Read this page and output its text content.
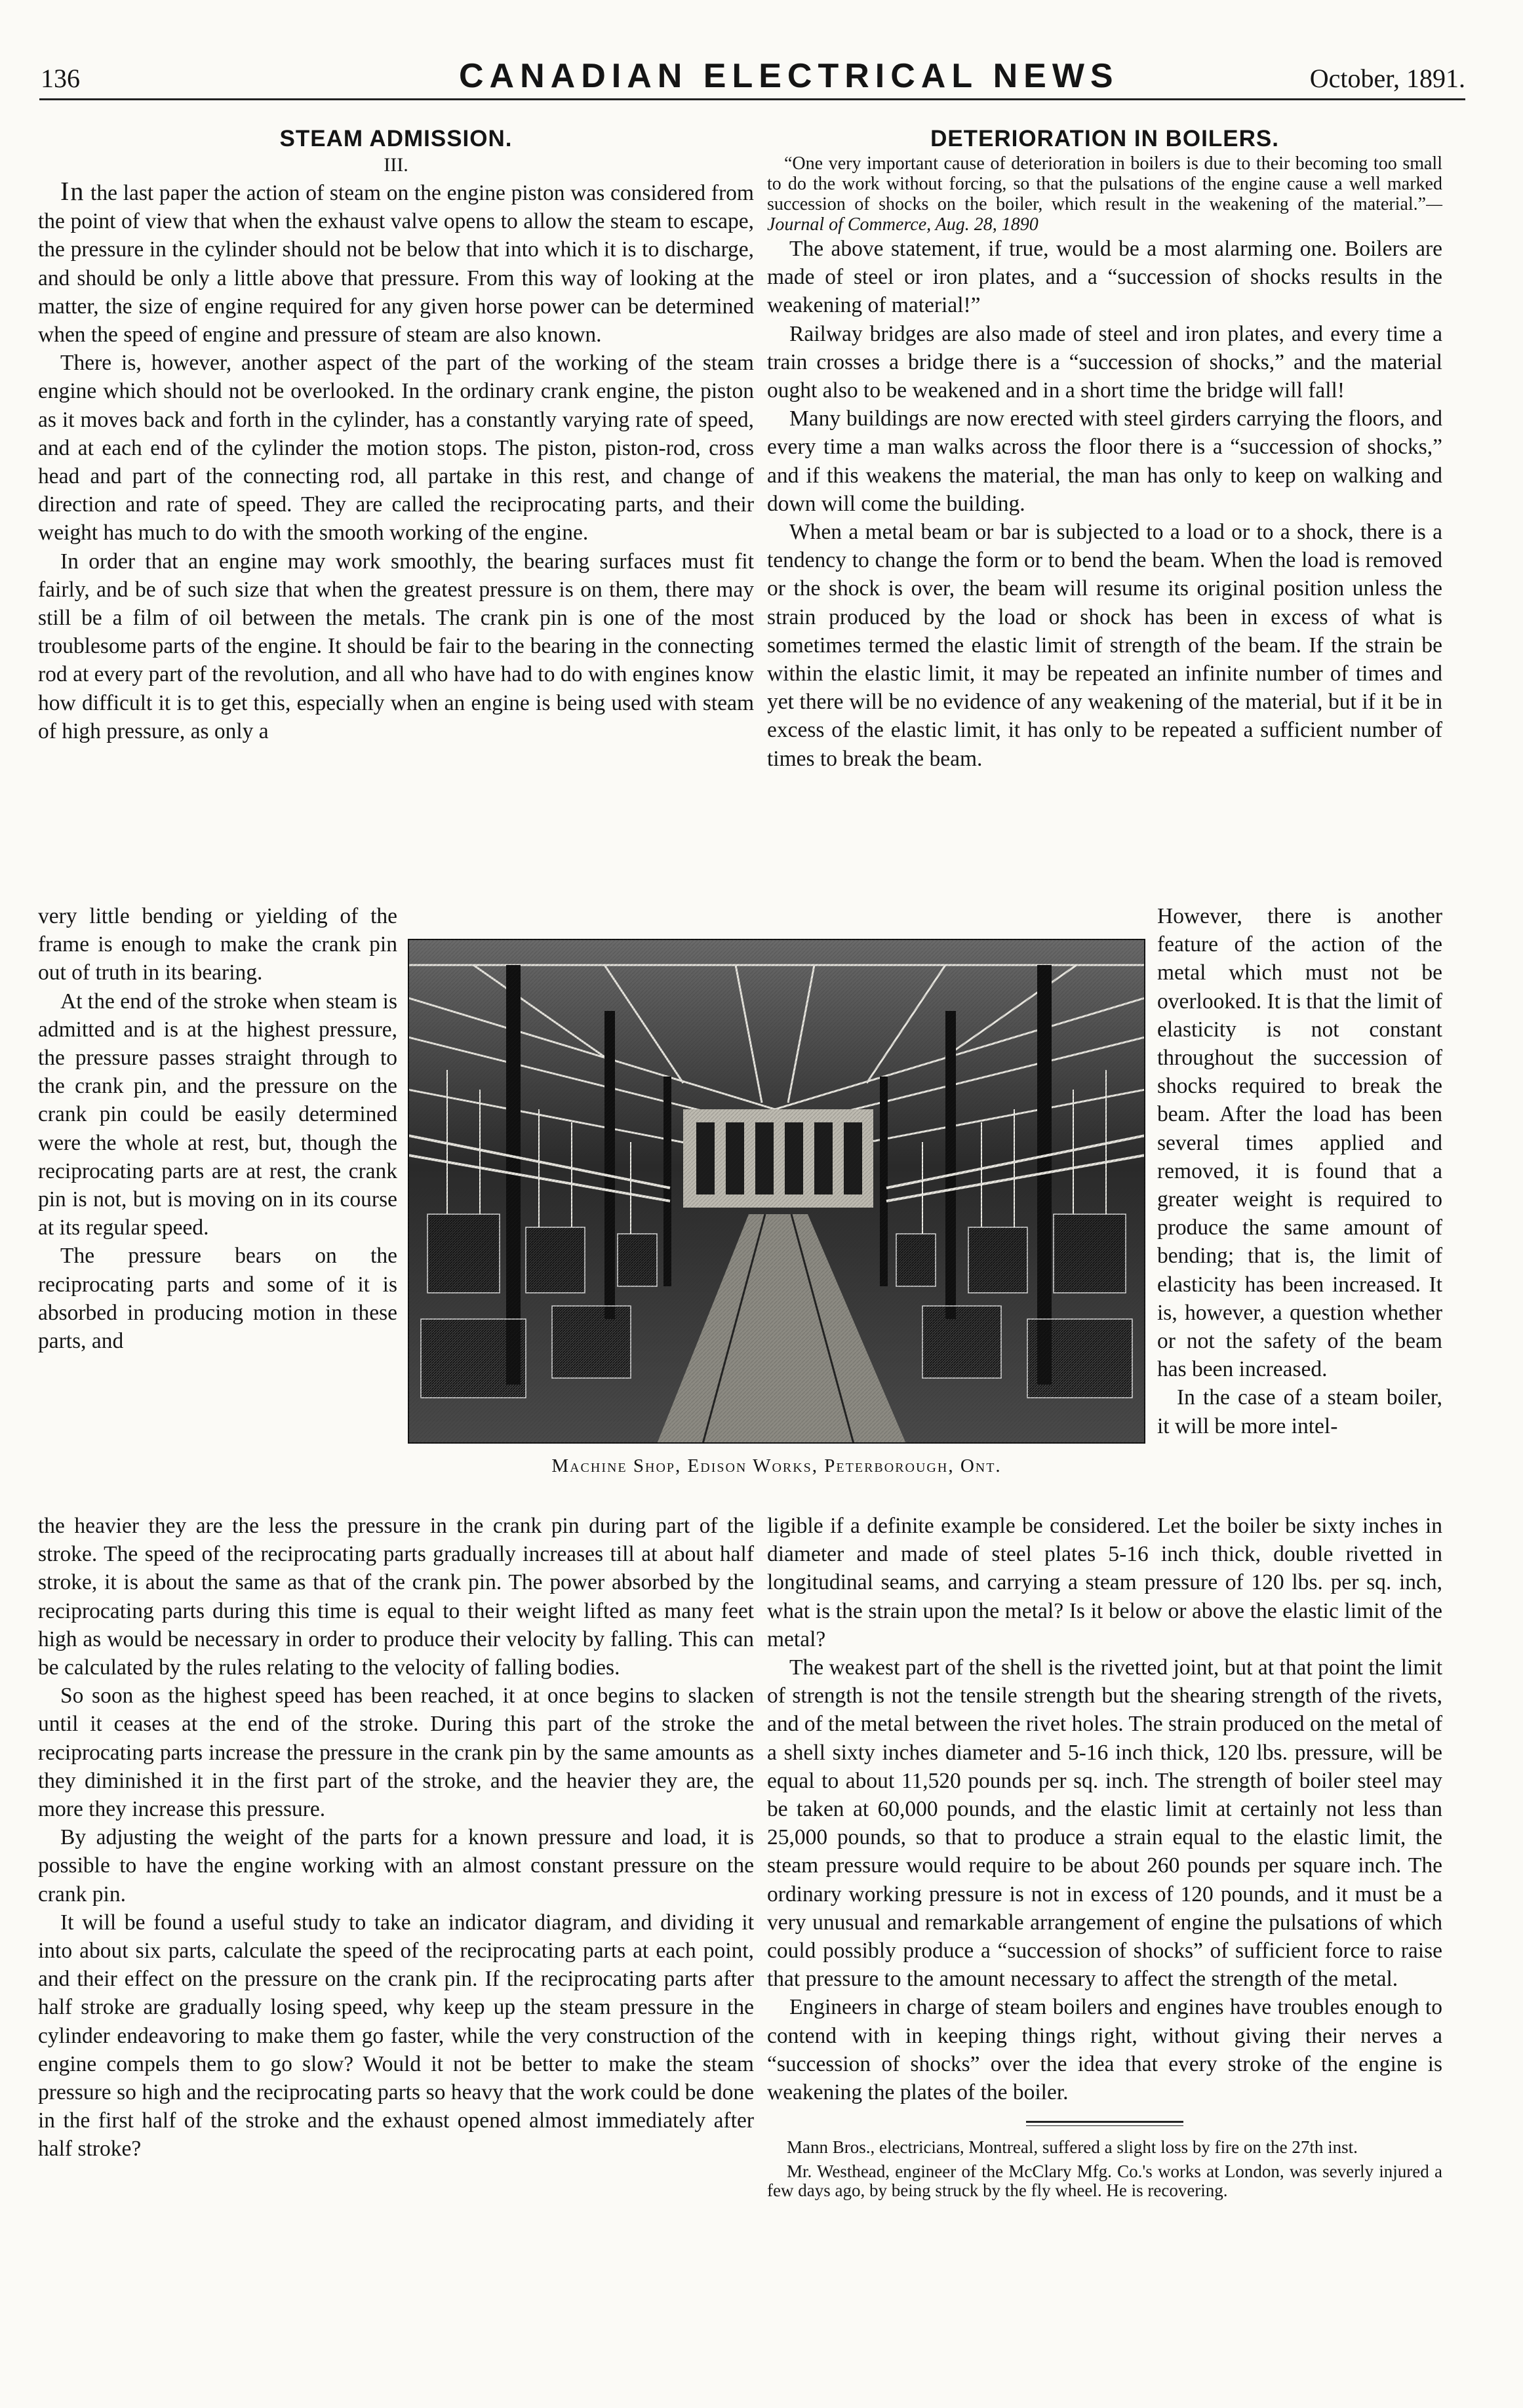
136	CANADIAN ELECTRICAL NEWS	October, 1891.

STEAM ADMISSION.

III.

In the last paper the action of steam on the engine piston was considered from the point of view that when the exhaust valve opens to allow the steam to escape, the pressure in the cylinder should not be below that into which it is to discharge, and should be only a little above that pressure. From this way of looking at the matter, the size of engine required for any given horse power can be determined when the speed of engine and pressure of steam are also known.

There is, however, another aspect of the part of the working of the steam engine which should not be overlooked. In the ordinary crank engine, the piston as it moves back and forth in the cylinder, has a constantly varying rate of speed, and at each end of the cylinder the motion stops. The piston, piston-rod, cross head and part of the connecting rod, all partake in this rest, and change of direction and rate of speed. They are called the reciprocating parts, and their weight has much to do with the smooth working of the engine.

In order that an engine may work smoothly, the bearing surfaces must fit fairly, and be of such size that when the greatest pressure is on them, there may still be a film of oil between the metals. The crank pin is one of the most troublesome parts of the engine. It should be fair to the bearing in the connecting rod at every part of the revolution, and all who have had to do with engines know how difficult it is to get this, especially when an engine is being used with steam of high pressure, as only a

very little bending or yielding of the frame is enough to make the crank pin out of truth in its bearing.

At the end of the stroke when steam is admitted and is at the highest pressure, the pressure passes straight through to the crank pin, and the pressure on the crank pin could be easily determined were the whole at rest, but, though the reciprocating parts are at rest, the crank pin is not, but is moving on in its course at its regular speed.

The pressure bears on the reciprocating parts and some of it is absorbed in producing motion in these parts, and

Machine Shop, Edison Works, Peterborough, Ont.

DETERIORATION IN BOILERS.

“One very important cause of deterioration in boilers is due to their becoming too small to do the work without forcing, so that the pulsations of the engine cause a well marked succession of shocks on the boiler, which result in the weakening of the material.”—Journal of Commerce, Aug. 28, 1890

The above statement, if true, would be a most alarming one. Boilers are made of steel or iron plates, and a “succession of shocks results in the weakening of material!”

Railway bridges are also made of steel and iron plates, and every time a train crosses a bridge there is a “succession of shocks,” and the material ought also to be weakened and in a short time the bridge will fall!

Many buildings are now erected with steel girders carrying the floors, and every time a man walks across the floor there is a “succession of shocks,” and if this weakens the material, the man has only to keep on walking and down will come the building.

When a metal beam or bar is subjected to a load or to a shock, there is a tendency to change the form or to bend the beam. When the load is removed or the shock is over, the beam will resume its original position unless the strain produced by the load or shock has been in excess of what is sometimes termed the elastic limit of strength of the beam. If the strain be within the elastic limit, it may be repeated an infinite number of times and yet there will be no evidence of any weakening of the material, but if it be in excess of the elastic limit, it has only to be repeated a sufficient number of times to break the beam.

However, there is another feature of the action of the metal which must not be overlooked. It is that the limit of elasticity is not constant throughout the succession of shocks required to break the beam. After the load has been several times applied and removed, it is found that a greater weight is required to produce the same amount of bending; that is, the limit of elasticity has been increased. It is, however, a question whether or not the safety of the beam has been increased.

In the case of a steam boiler, it will be more intel-

the heavier they are the less the pressure in the crank pin during part of the stroke. The speed of the reciprocating parts gradually increases till at about half stroke, it is about the same as that of the crank pin. The power absorbed by the reciprocating parts during this time is equal to their weight lifted as many feet high as would be necessary in order to produce their velocity by falling. This can be calculated by the rules relating to the velocity of falling bodies.

So soon as the highest speed has been reached, it at once begins to slacken until it ceases at the end of the stroke. During this part of the stroke the reciprocating parts increase the pressure in the crank pin by the same amounts as they diminished it in the first part of the stroke, and the heavier they are, the more they increase this pressure.

By adjusting the weight of the parts for a known pressure and load, it is possible to have the engine working with an almost constant pressure on the crank pin.

It will be found a useful study to take an indicator diagram, and dividing it into about six parts, calculate the speed of the reciprocating parts at each point, and their effect on the pressure on the crank pin. If the reciprocating parts after half stroke are gradually losing speed, why keep up the steam pressure in the cylinder endeavoring to make them go faster, while the very construction of the engine compels them to go slow? Would it not be better to make the steam pressure so high and the reciprocating parts so heavy that the work could be done in the first half of the stroke and the exhaust opened almost immediately after half stroke?

ligible if a definite example be considered. Let the boiler be sixty inches in diameter and made of steel plates 5-16 inch thick, double rivetted in longitudinal seams, and carrying a steam pressure of 120 lbs. per sq. inch, what is the strain upon the metal? Is it below or above the elastic limit of the metal?

The weakest part of the shell is the rivetted joint, but at that point the limit of strength is not the tensile strength but the shearing strength of the rivets, and of the metal between the rivet holes. The strain produced on the metal of a shell sixty inches diameter and 5-16 inch thick, 120 lbs. pressure, will be equal to about 11,520 pounds per sq. inch. The strength of boiler steel may be taken at 60,000 pounds, and the elastic limit at certainly not less than 25,000 pounds, so that to produce a strain equal to the elastic limit, the steam pressure would require to be about 260 pounds per square inch. The ordinary working pressure is not in excess of 120 pounds, and it must be a very unusual and remarkable arrangement of engine the pulsations of which could possibly produce a “succession of shocks” of sufficient force to raise that pressure to the amount necessary to affect the strength of the metal.

Engineers in charge of steam boilers and engines have troubles enough to contend with in keeping things right, without giving their nerves a “succession of shocks” over the idea that every stroke of the engine is weakening the plates of the boiler.

Mann Bros., electricians, Montreal, suffered a slight loss by fire on the 27th inst.

Mr. Westhead, engineer of the McClary Mfg. Co.'s works at London, was severly injured a few days ago, by being struck by the fly wheel. He is recovering.
